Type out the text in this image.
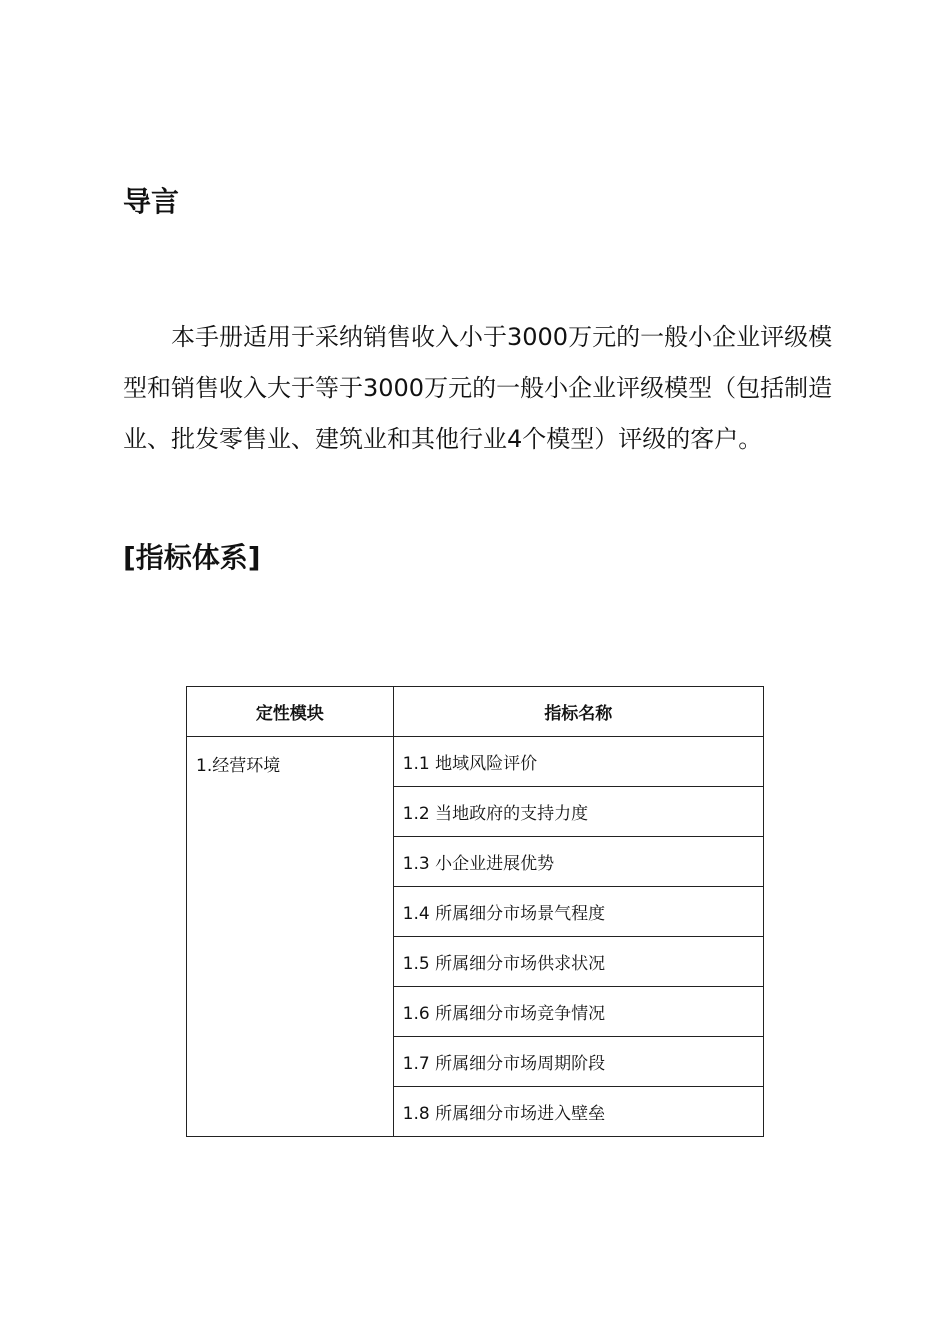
导言

本手册适用于采纳销售收入小于3000万元的一般小企业评级模型和销售收入大于等于3000万元的一般小企业评级模型（包括制造业、批发零售业、建筑业和其他行业4个模型）评级的客户。

[指标体系]
定性模块	指标名称
1.经营环境	1.1 地域风险评价
	1.2 当地政府的支持力度
	1.3 小企业进展优势
	1.4 所属细分市场景气程度
	1.5 所属细分市场供求状况
	1.6 所属细分市场竞争情况
	1.7 所属细分市场周期阶段
	1.8 所属细分市场进入壁垒
